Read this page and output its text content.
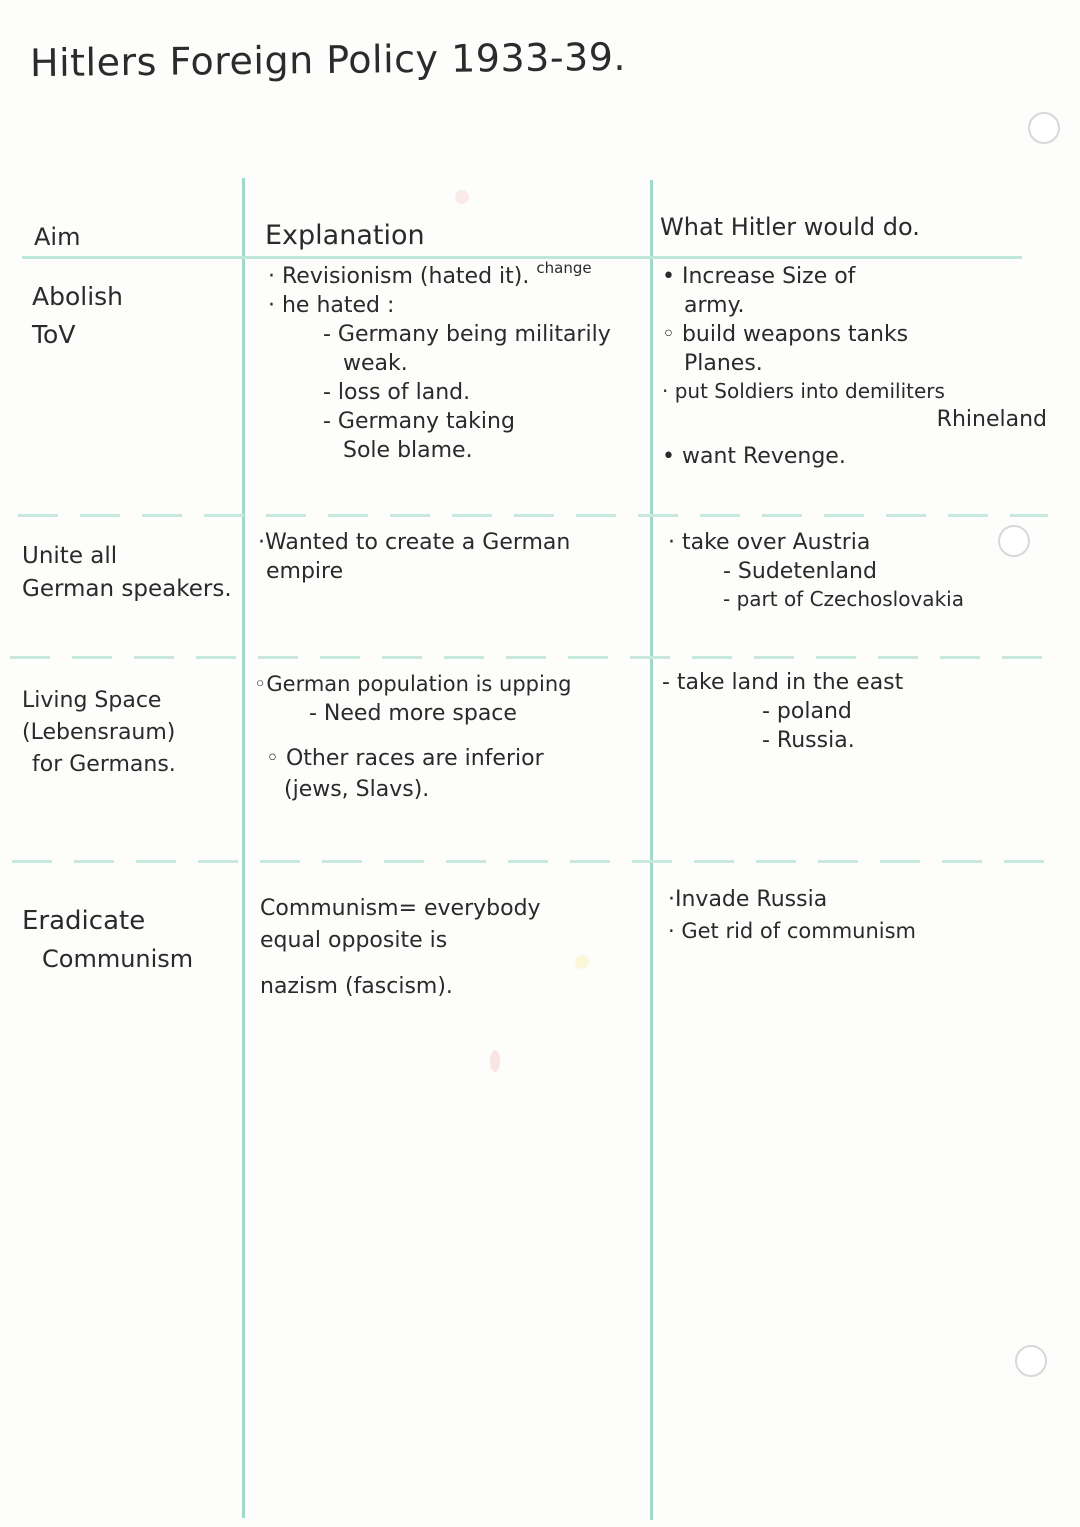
Hitlers Foreign Policy 1933-39.
Aim	Explanation	What Hitler would do.
Abolish
ToV
· Revisionism (hated it). $^{change}$
· he hated :
- Germany being militarily
weak.
- loss of land.
- Germany taking
Sole blame.
• Increase Size of
army.
◦ build weapons tanks
Planes.
· put Soldiers into demiliters
Rhineland
• want Revenge.
Unite all
German speakers.
·Wanted to create a German
empire
· take over Austria
- Sudetenland
- part of Czechoslovakia
Living Space
(Lebensraum)
for Germans.
◦German population is upping
- Need more space
◦ Other races are inferior
(jews, Slavs).
- take land in the east
- poland
- Russia.
Eradicate
Communism
Communism= everybody
equal opposite is
nazism (fascism).
·Invade Russia
· Get rid of communism
